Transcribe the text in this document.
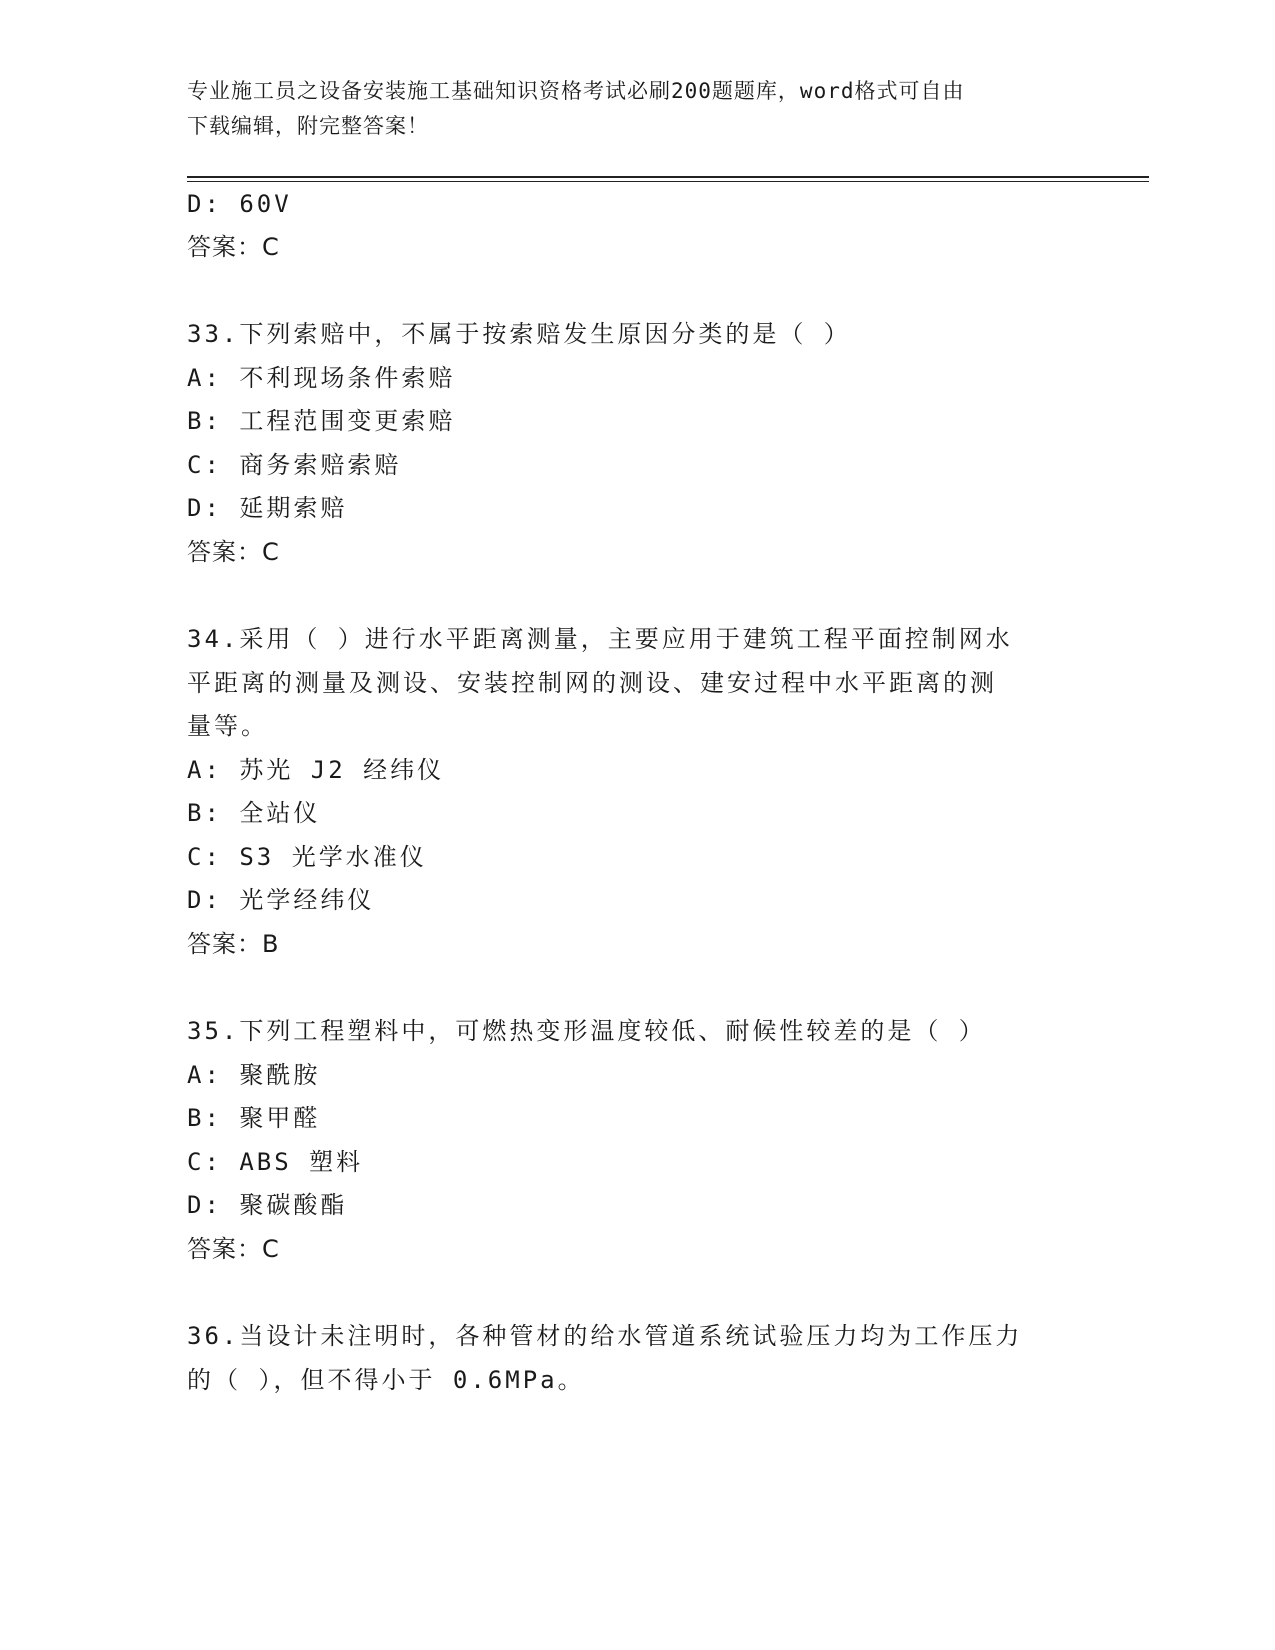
专业施工员之设备安装施工基础知识资格考试必刷200题题库，word格式可自由
下载编辑，附完整答案！
D: 60V
答案：C
33.下列索赔中，不属于按索赔发生原因分类的是（ ）
A: 不利现场条件索赔
B: 工程范围变更索赔
C: 商务索赔索赔
D: 延期索赔
答案：C
34.采用（ ）进行水平距离测量，主要应用于建筑工程平面控制网水
平距离的测量及测设、安装控制网的测设、建安过程中水平距离的测
量等。
A: 苏光 J2 经纬仪
B: 全站仪
C: S3 光学水准仪
D: 光学经纬仪
答案：B
35.下列工程塑料中，可燃热变形温度较低、耐候性较差的是（ ）
A: 聚酰胺
B: 聚甲醛
C: ABS 塑料
D: 聚碳酸酯
答案：C
36.当设计未注明时，各种管材的给水管道系统试验压力均为工作压力
的（ ），但不得小于 0.6MPa。
